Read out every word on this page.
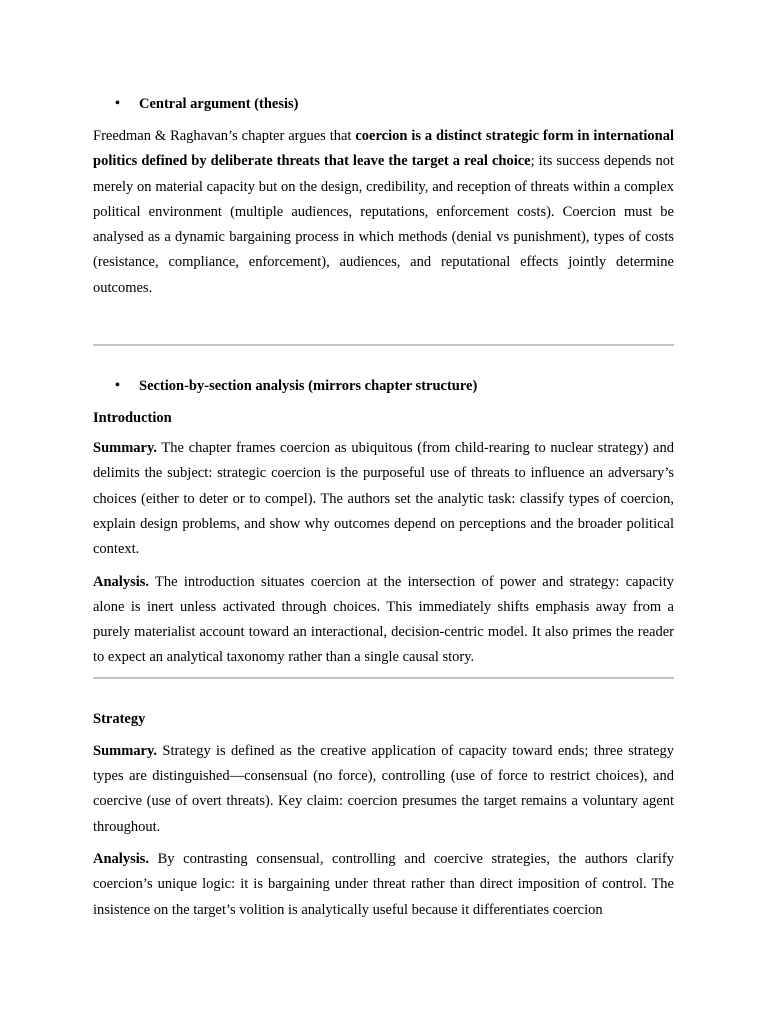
• Central argument (thesis)

Freedman & Raghavan’s chapter argues that coercion is a distinct strategic form in international politics defined by deliberate threats that leave the target a real choice; its success depends not merely on material capacity but on the design, credibility, and reception of threats within a complex political environment (multiple audiences, reputations, enforcement costs). Coercion must be analysed as a dynamic bargaining process in which methods (denial vs punishment), types of costs (resistance, compliance, enforcement), audiences, and reputational effects jointly determine outcomes.

• Section-by-section analysis (mirrors chapter structure)
Introduction

Summary. The chapter frames coercion as ubiquitous (from child-rearing to nuclear strategy) and delimits the subject: strategic coercion is the purposeful use of threats to influence an adversary’s choices (either to deter or to compel). The authors set the analytic task: classify types of coercion, explain design problems, and show why outcomes depend on perceptions and the broader political context.

Analysis. The introduction situates coercion at the intersection of power and strategy: capacity alone is inert unless activated through choices. This immediately shifts emphasis away from a purely materialist account toward an interactional, decision-centric model. It also primes the reader to expect an analytical taxonomy rather than a single causal story.

Strategy

Summary. Strategy is defined as the creative application of capacity toward ends; three strategy types are distinguished—consensual (no force), controlling (use of force to restrict choices), and coercive (use of overt threats). Key claim: coercion presumes the target remains a voluntary agent throughout.

Analysis. By contrasting consensual, controlling and coercive strategies, the authors clarify coercion’s unique logic: it is bargaining under threat rather than direct imposition of control. The insistence on the target’s volition is analytically useful because it differentiates coercion
